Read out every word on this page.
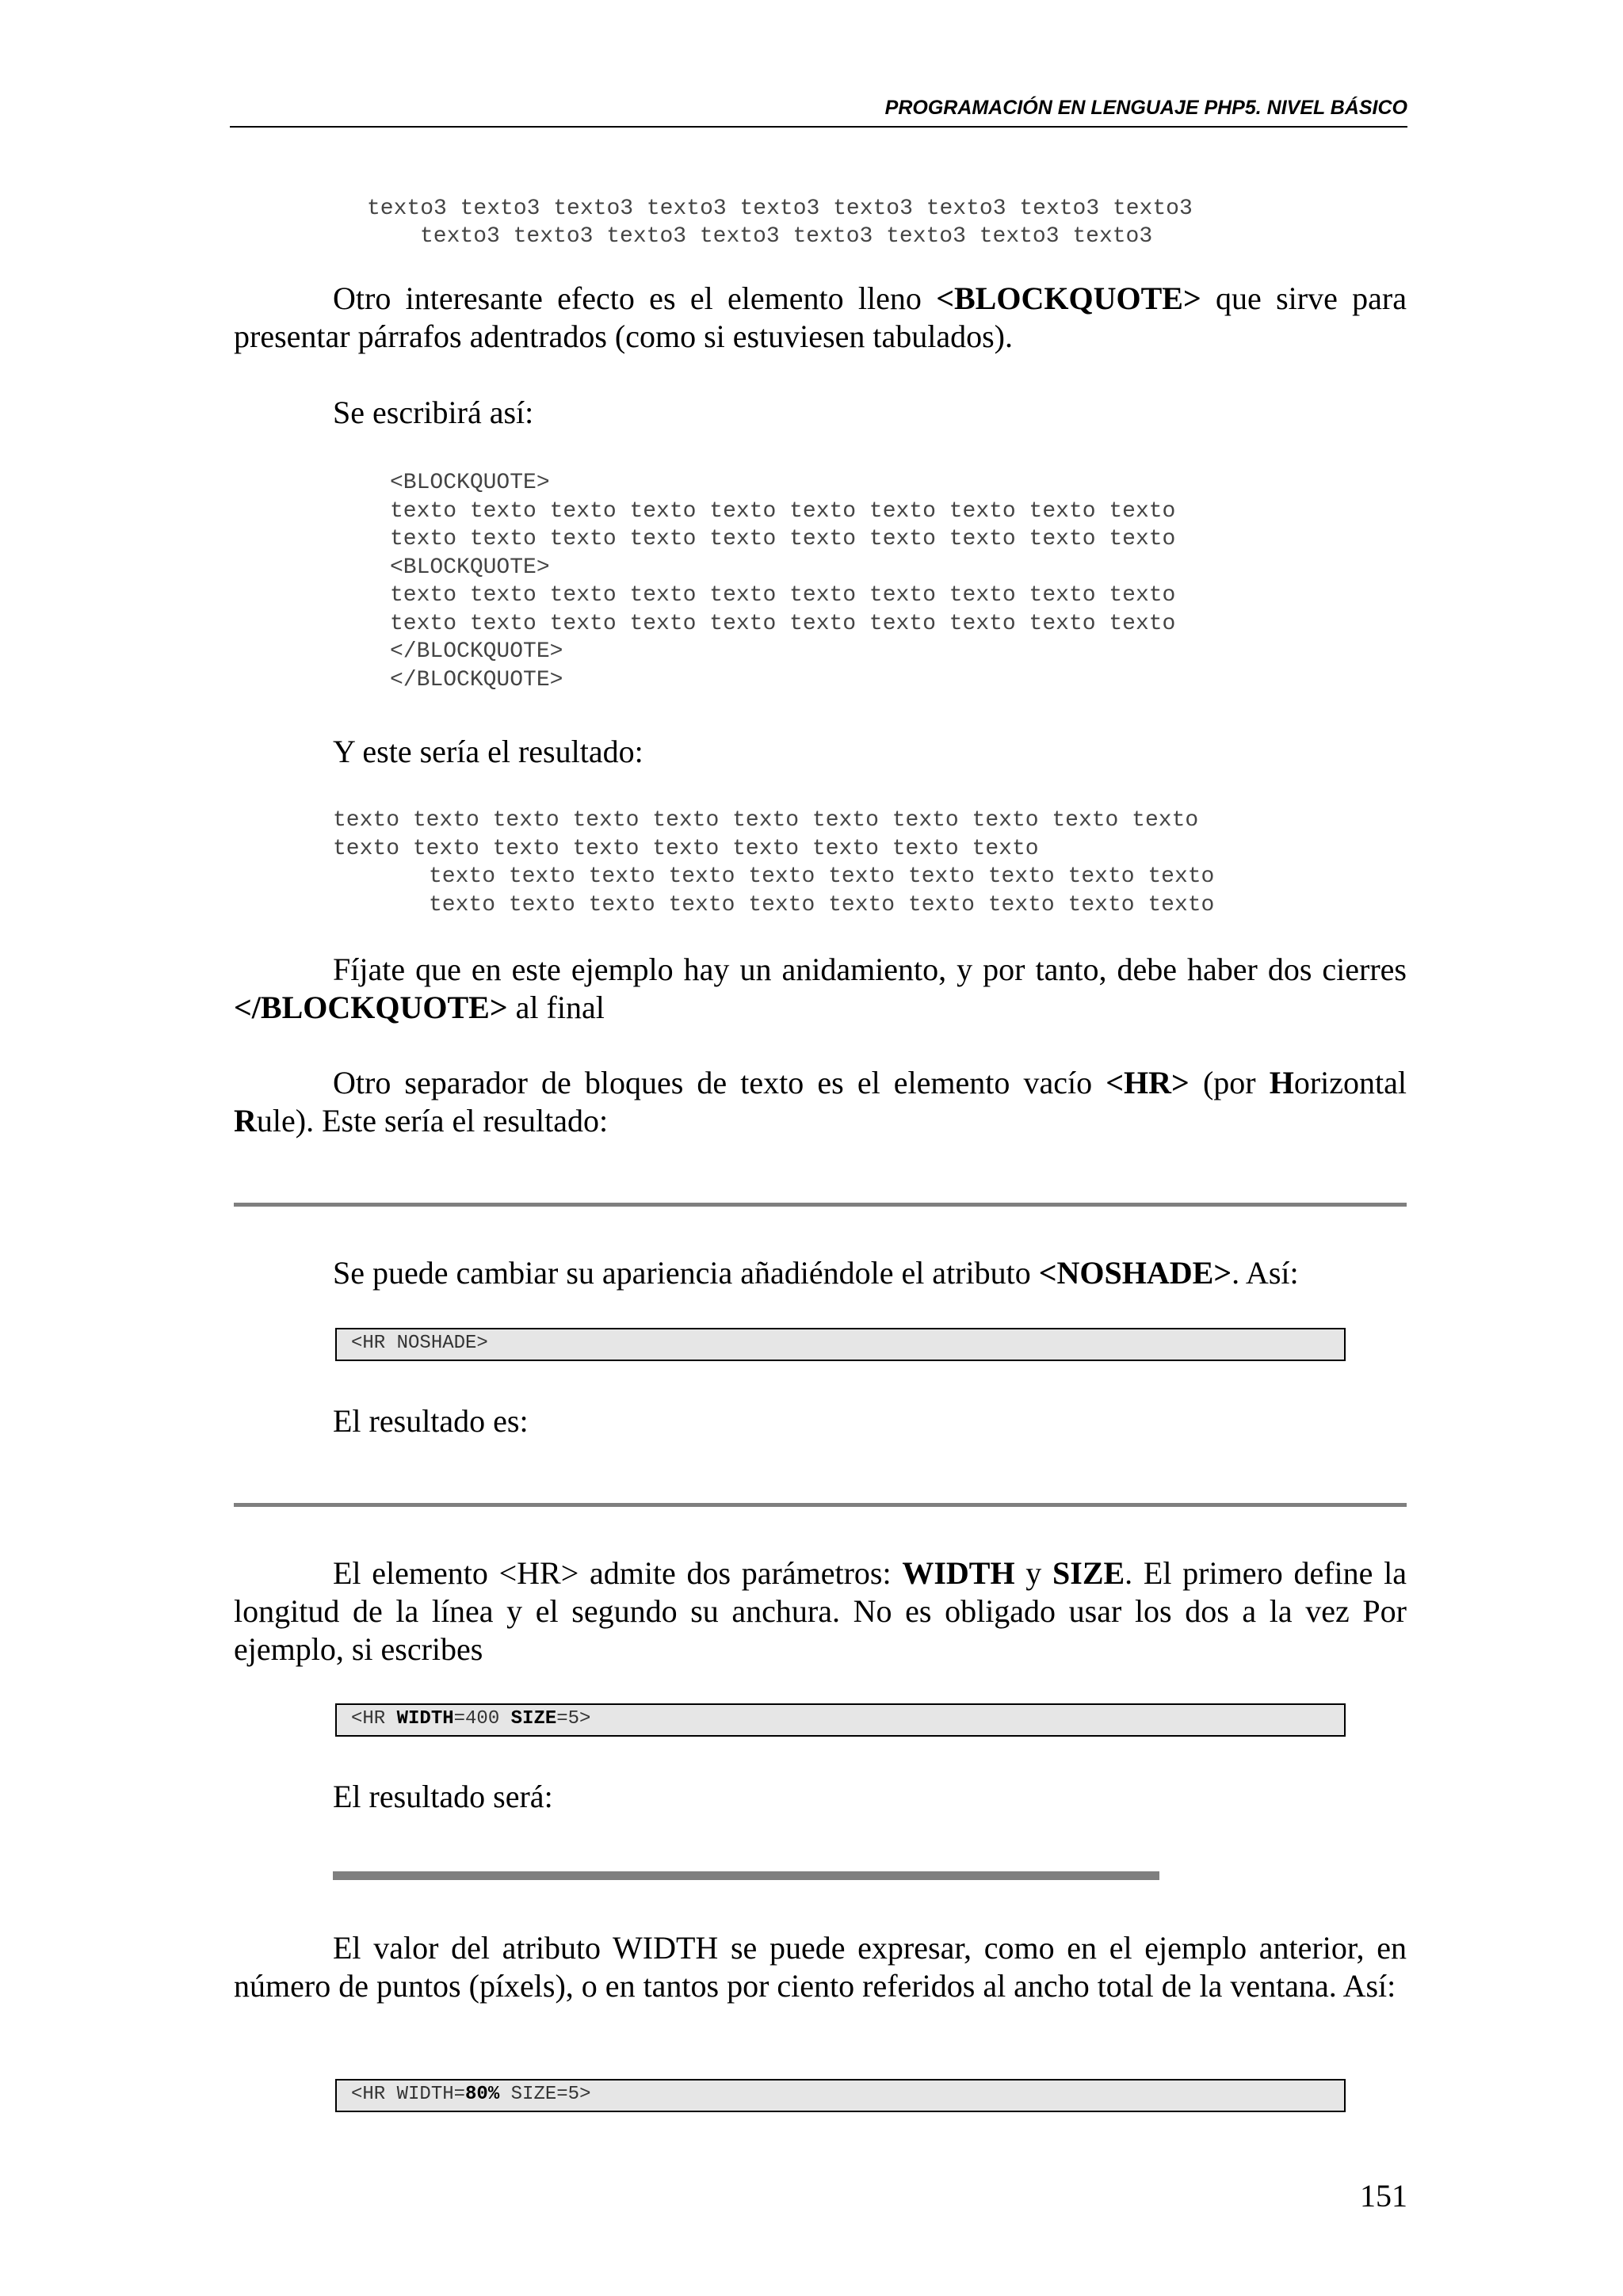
PROGRAMACIÓN EN LENGUAJE PHP5. NIVEL BÁSICO
texto3 texto3 texto3 texto3 texto3 texto3 texto3 texto3 texto3
texto3 texto3 texto3 texto3 texto3 texto3 texto3 texto3
Otro interesante efecto es el elemento lleno <BLOCKQUOTE> que sirve para presentar párrafos adentrados (como si estuviesen tabulados).
Se escribirá así:
<BLOCKQUOTE>
texto texto texto texto texto texto texto texto texto texto
texto texto texto texto texto texto texto texto texto texto
<BLOCKQUOTE>
texto texto texto texto texto texto texto texto texto texto
texto texto texto texto texto texto texto texto texto texto
</BLOCKQUOTE>
</BLOCKQUOTE>
Y este sería el resultado:
texto texto texto texto texto texto texto texto texto texto texto
texto texto texto texto texto texto texto texto texto
texto texto texto texto texto texto texto texto texto texto
texto texto texto texto texto texto texto texto texto texto
Fíjate que en este ejemplo hay un anidamiento, y por tanto, debe haber dos cierres </BLOCKQUOTE> al final
Otro separador de bloques de texto es el elemento vacío <HR> (por Horizontal Rule). Este sería el resultado:
Se puede cambiar su apariencia añadiéndole el atributo <NOSHADE>. Así:
<HR NOSHADE>
El resultado es:
El elemento <HR> admite dos parámetros: WIDTH y SIZE. El primero define la longitud de la línea y el segundo su anchura. No es obligado usar los dos a la vez Por ejemplo, si escribes
<HR WIDTH=400 SIZE=5>
El resultado será:
El valor del atributo WIDTH se puede expresar, como en el ejemplo anterior, en número de puntos (píxels), o en tantos por ciento referidos al ancho total de la ventana. Así:
<HR WIDTH=80% SIZE=5>
151
